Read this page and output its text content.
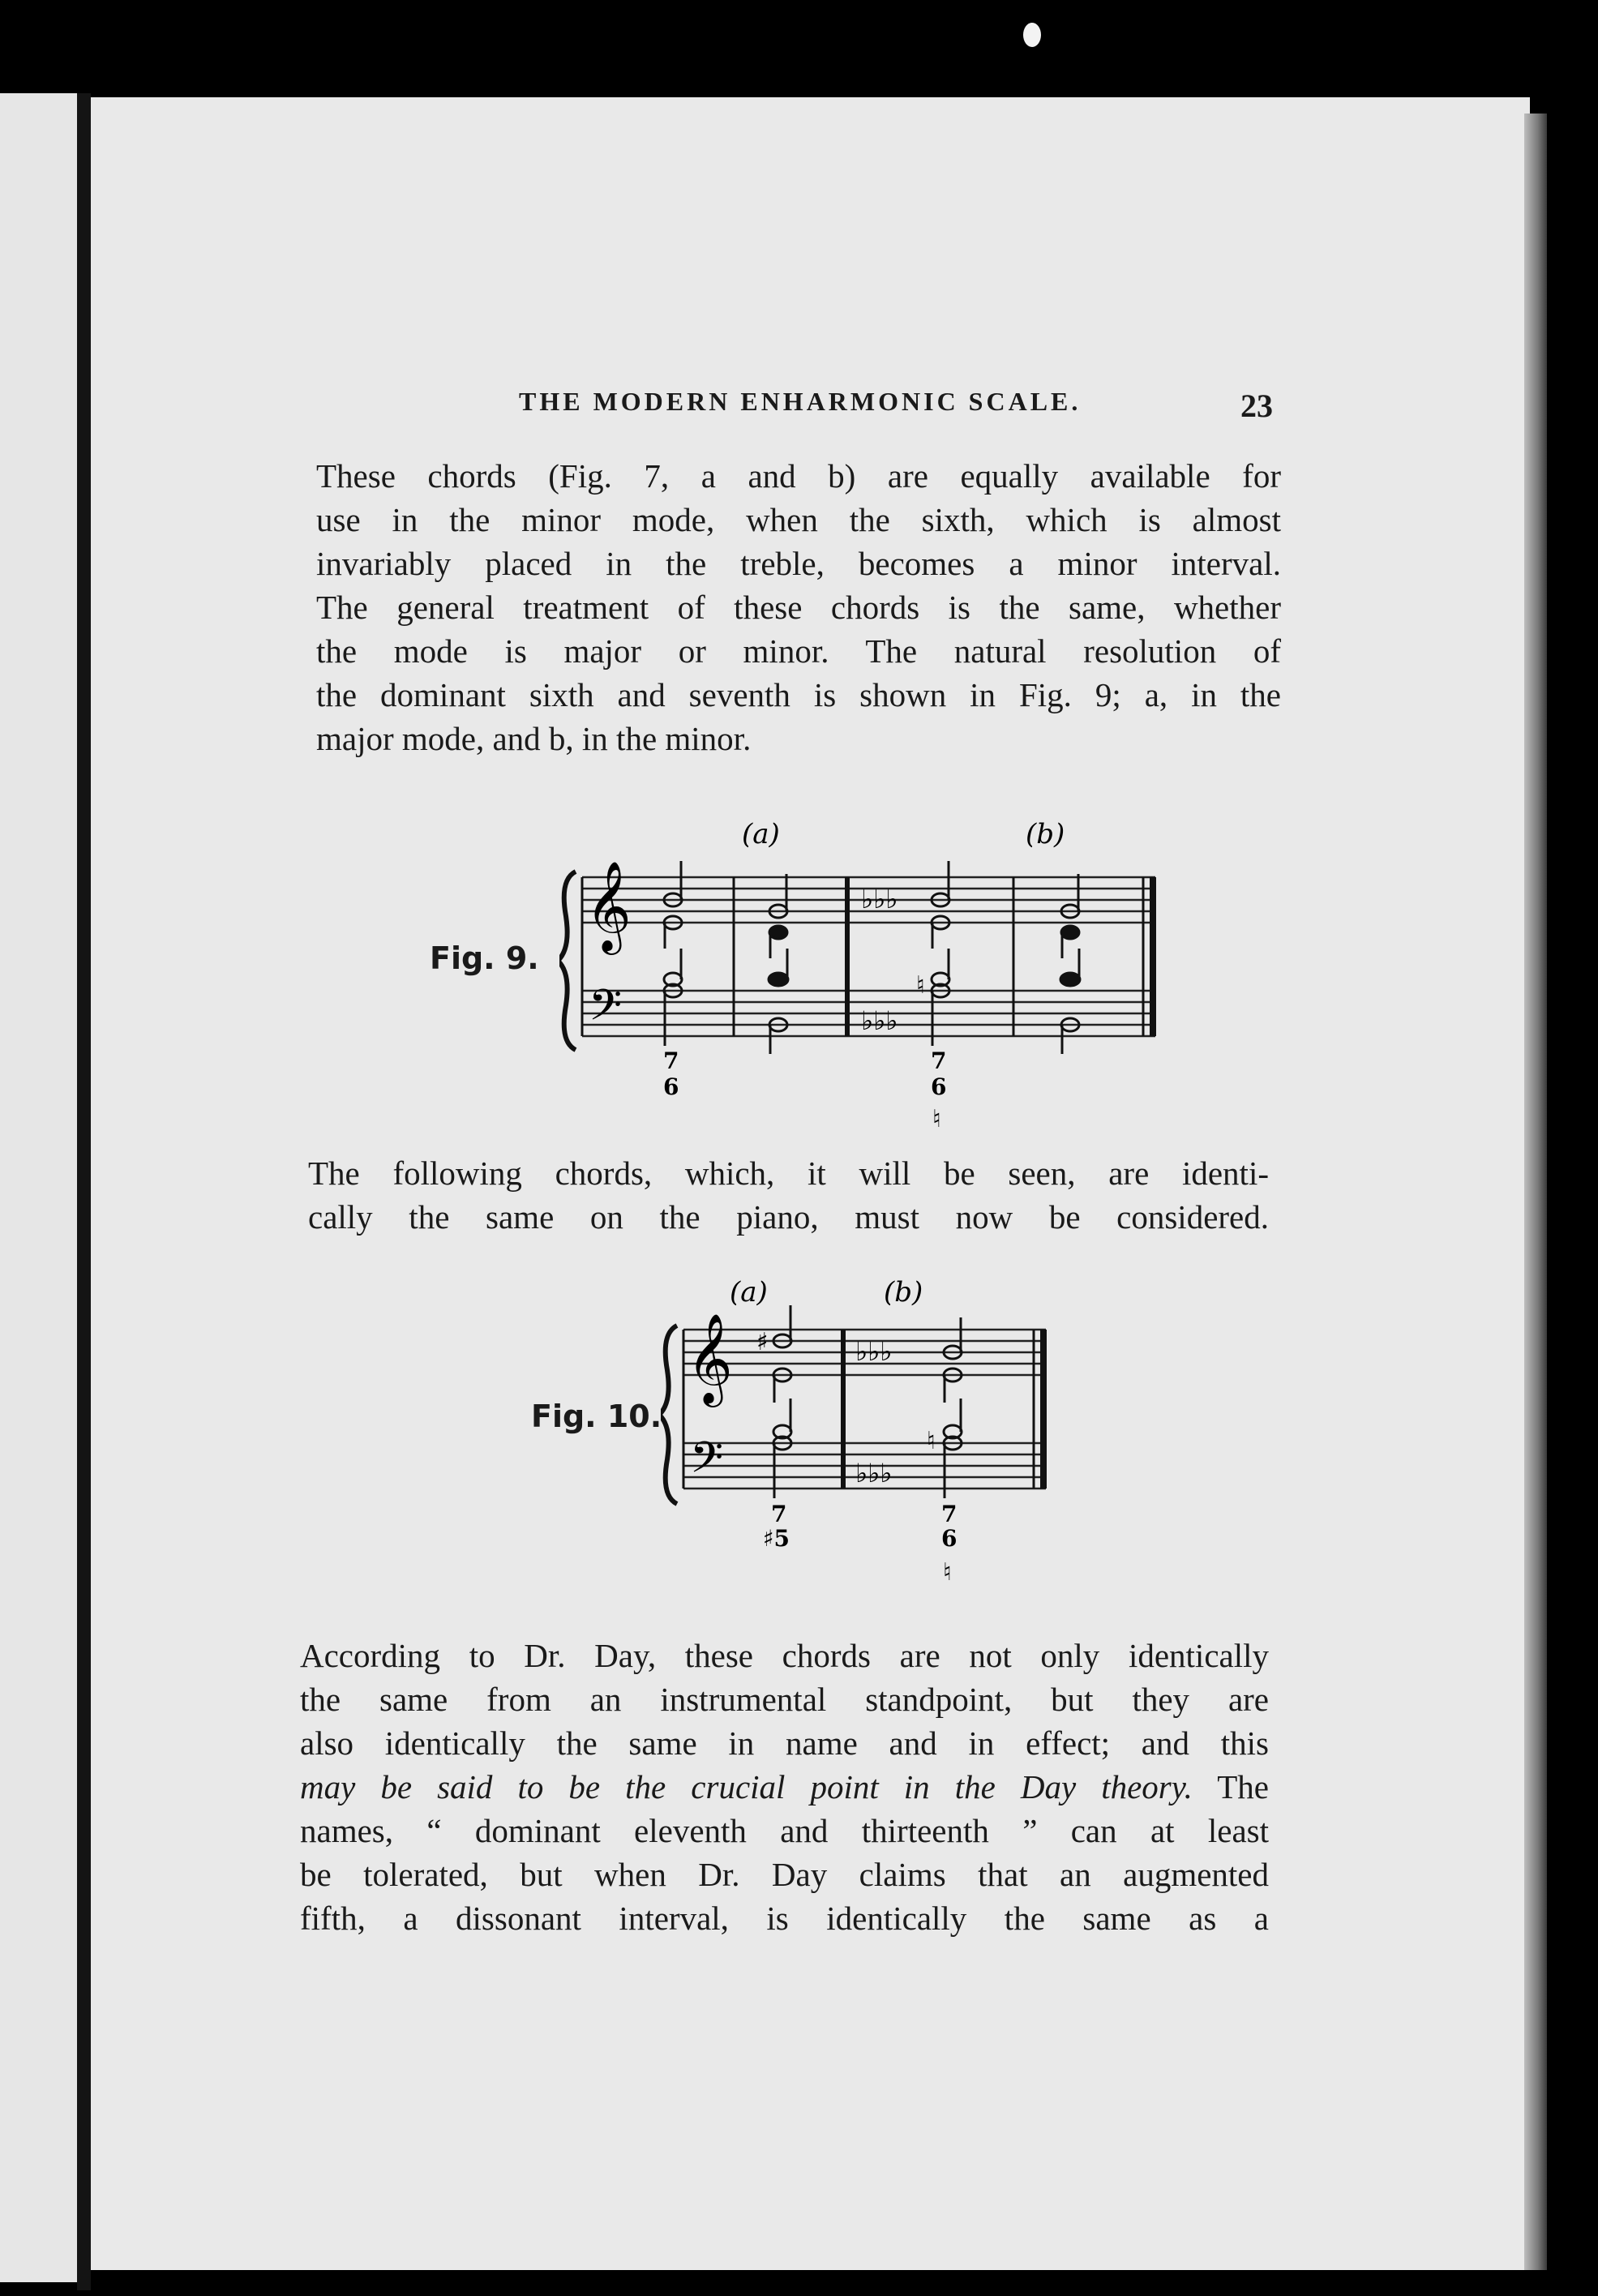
THE MODERN ENHARMONIC SCALE.	23
These chords (Fig. 7, a and b) are equally available for
use in the minor mode, when the sixth, which is almost
invariably placed in the treble, becomes a minor interval.
The general treatment of these chords is the same, whether
the mode is major or minor. The natural resolution of
the dominant sixth and seventh is shown in Fig. 9; a, in the
major mode, and b, in the minor.
Fig. 9.
(a)	(b)
𝄞
𝄢
♭♭♭
♭♭♭
♮
7
6
7
6
♮
The following chords, which, it will be seen, are identi-
cally the same on the piano, must now be considered.
Fig. 10.
(a)	(b)
𝄞
𝄢
♭♭♭
♭♭♭
♯
♮
7
♯5
7
6
♮
According to Dr. Day, these chords are not only identically
the same from an instrumental standpoint, but they are
also identically the same in name and in effect; and this
may be said to be the crucial point in the Day theory. The
names, “ dominant eleventh and thirteenth ” can at least
be tolerated, but when Dr. Day claims that an augmented
fifth, a dissonant interval, is identically the same as a
